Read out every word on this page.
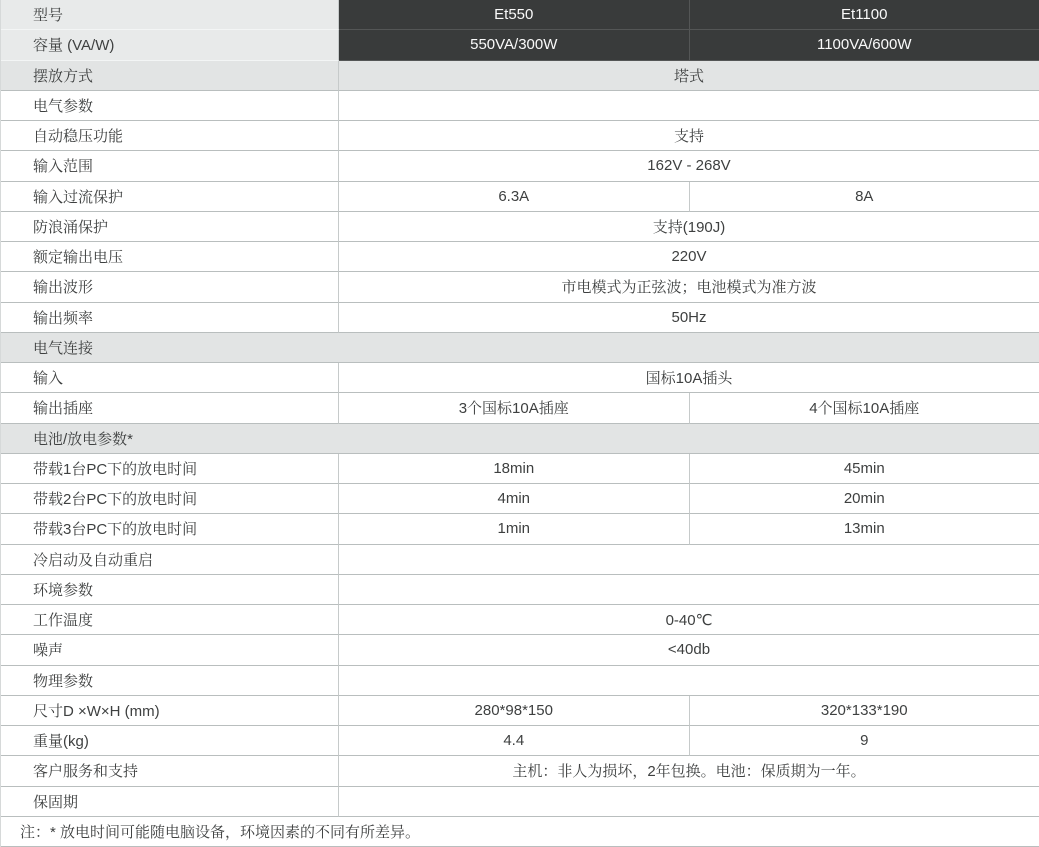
型号	Et550	Et1100
容量 (VA/W)	550VA/300W	1100VA/600W
摆放方式	塔式
电气参数
自动稳压功能	支持
输入范围	162V - 268V
输入过流保护	6.3A	8A
防浪涌保护	支持(190J)
额定输出电压	220V
输出波形	市电模式为正弦波；电池模式为准方波
输出频率	50Hz
电气连接
输入	国标10A插头
输出插座	3个国标10A插座	4个国标10A插座
电池/放电参数*
带载1台PC下的放电时间	18min	45min
带载2台PC下的放电时间	4min	20min
带载3台PC下的放电时间	1min	13min
冷启动及自动重启
环境参数
工作温度	0-40℃
噪声	<40db
物理参数
尺寸D ×W×H (mm)	280*98*150	320*133*190
重量(kg)	4.4	9
客户服务和支持	主机：非人为损坏，2年包换。电池：保质期为一年。
保固期
注：* 放电时间可能随电脑设备，环境因素的不同有所差异。
